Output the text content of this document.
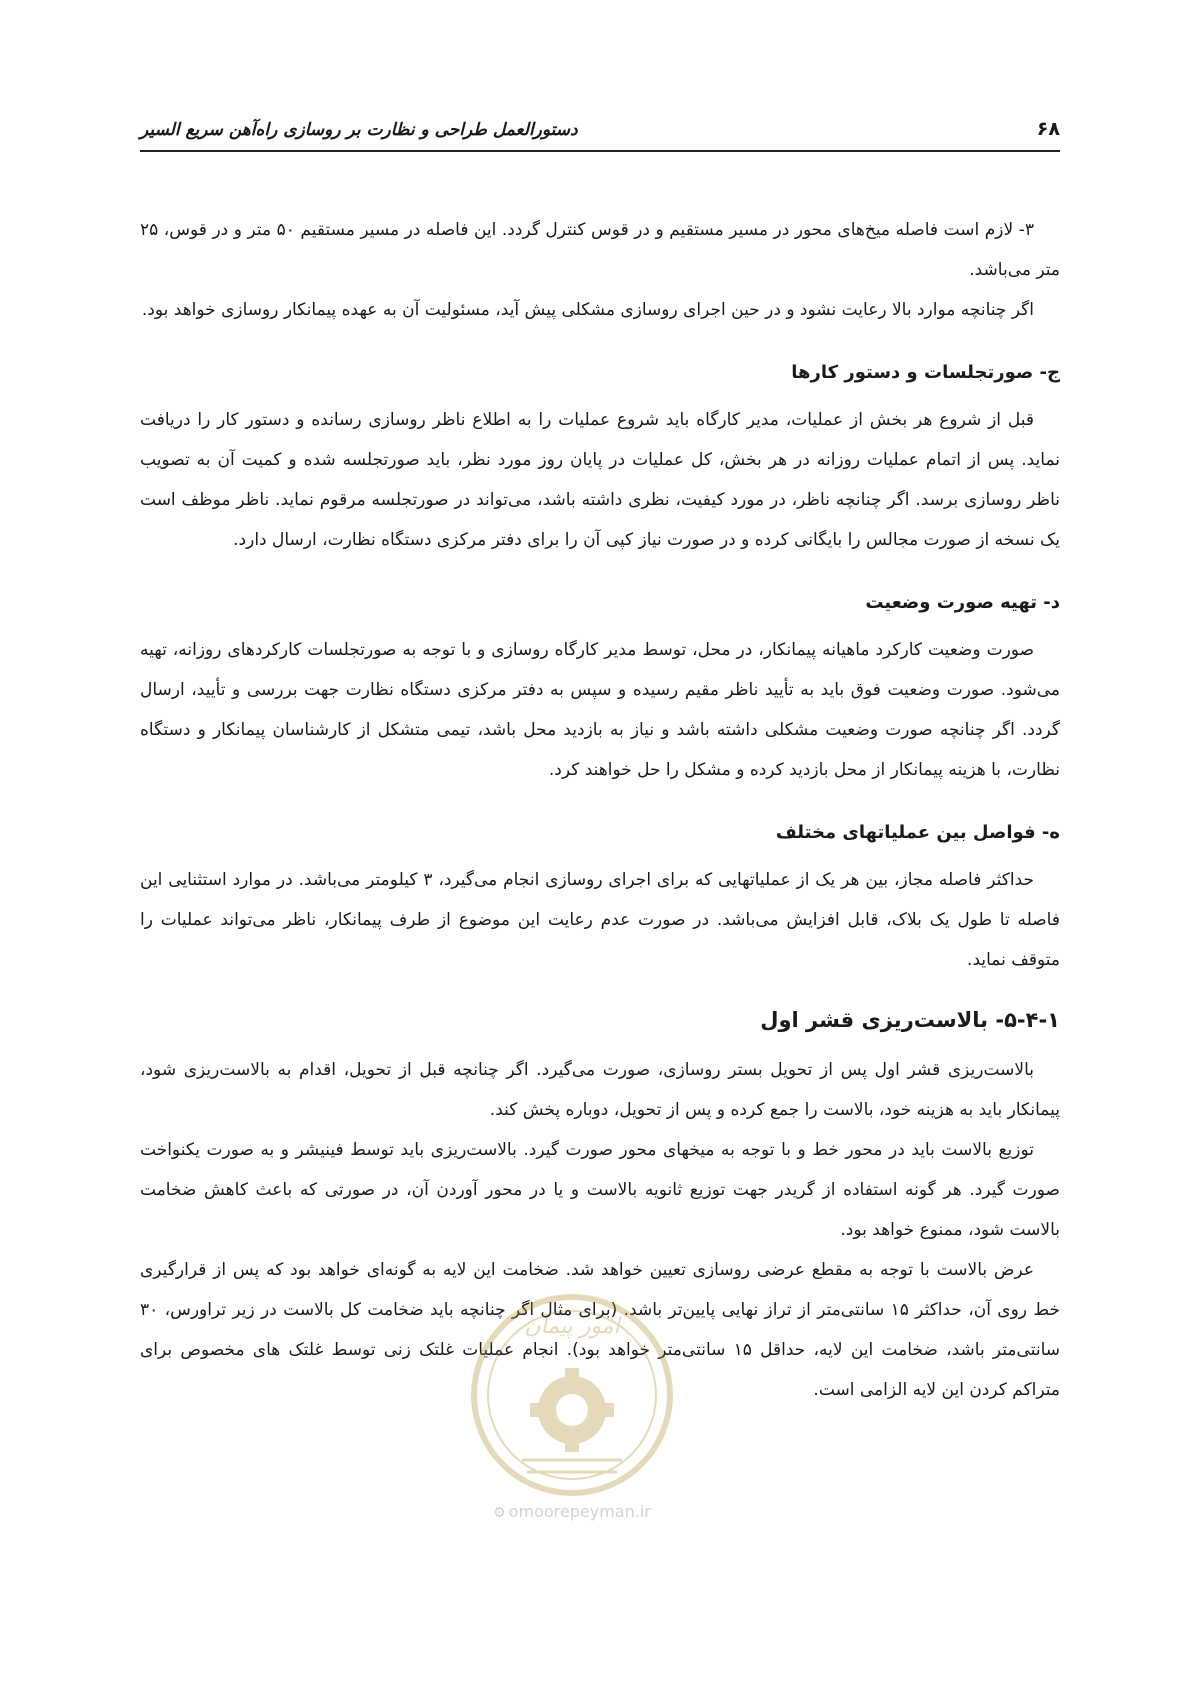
۶۸
دستورالعمل طراحی و نظارت بر روسازی راه‌آهن سریع السیر

۳- لازم است فاصله میخ‌های محور در مسیر مستقیم و در قوس کنترل گردد. این فاصله در مسیر مستقیم ۵۰ متر و در قوس، ۲۵ متر می‌باشد.

اگر چنانچه موارد بالا رعایت نشود و در حین اجرای روسازی مشکلی پیش آید، مسئولیت آن به عهده پیمانکار روسازی خواهد بود.

ج- صورتجلسات و دستور کارها

قبل از شروع هر بخش از عملیات، مدیر کارگاه باید شروع عملیات را به اطلاع ناظر روسازی رسانده و دستور کار را دریافت نماید. پس از اتمام عملیات روزانه در هر بخش، کل عملیات در پایان روز مورد نظر، باید صورتجلسه شده و کمیت آن به تصویب ناظر روسازی برسد. اگر چنانچه ناظر، در مورد کیفیت، نظری داشته باشد، می‌تواند در صورتجلسه مرقوم نماید. ناظر موظف است یک نسخه از صورت مجالس را بایگانی کرده و در صورت نیاز کپی آن را برای دفتر مرکزی دستگاه نظارت، ارسال دارد.

د- تهیه صورت وضعیت

صورت وضعیت کارکرد ماهیانه پیمانکار، در محل، توسط مدیر کارگاه روسازی و با توجه به صورتجلسات کارکردهای روزانه، تهیه می‌شود. صورت وضعیت فوق باید به تأیید ناظر مقیم رسیده و سپس به دفتر مرکزی دستگاه نظارت جهت بررسی و تأیید، ارسال گردد. اگر چنانچه صورت وضعیت مشکلی داشته باشد و نیاز به بازدید محل باشد، تیمی متشکل از کارشناسان پیمانکار و دستگاه نظارت، با هزینه پیمانکار از محل بازدید کرده و مشکل را حل خواهند کرد.

ه- فواصل بین عملیاتهای مختلف

حداکثر فاصله مجاز، بین هر یک از عملیاتهایی که برای اجرای روسازی انجام می‌گیرد، ۳ کیلومتر می‌باشد. در موارد استثنایی این فاصله تا طول یک بلاک، قابل افزایش می‌باشد. در صورت عدم رعایت این موضوع از طرف پیمانکار، ناظر می‌تواند عملیات را متوقف نماید.

۵-۴-۱- بالاست‌ریزی قشر اول

بالاست‌ریزی قشر اول پس از تحویل بستر روسازی، صورت می‌گیرد. اگر چنانچه قبل از تحویل، اقدام به بالاست‌ریزی شود، پیمانکار باید به هزینه خود، بالاست را جمع کرده و پس از تحویل، دوباره پخش کند.

توزیع بالاست باید در محور خط و با توجه به میخهای محور صورت گیرد. بالاست‌ریزی باید توسط فینیشر و به صورت یکنواخت صورت گیرد. هر گونه استفاده از گریدر جهت توزیع ثانویه بالاست و یا در محور آوردن آن، در صورتی که باعث کاهش ضخامت بالاست شود، ممنوع خواهد بود.

عرض بالاست با توجه به مقطع عرضی روسازی تعیین خواهد شد. ضخامت این لایه به گونه‌ای خواهد بود که پس از قرارگیری خط روی آن، حداکثر ۱۵ سانتی‌متر از تراز نهایی پایین‌تر باشد. (برای مثال اگر چنانچه باید ضخامت کل بالاست در زیر تراورس، ۳۰ سانتی‌متر باشد، ضخامت این لایه، حداقل ۱۵ سانتی‌متر خواهد بود). انجام عملیات غلتک زنی توسط غلتک های مخصوص برای متراکم کردن این لایه الزامی است.

امور پیمان
⚙ omoorepeyman.ir
